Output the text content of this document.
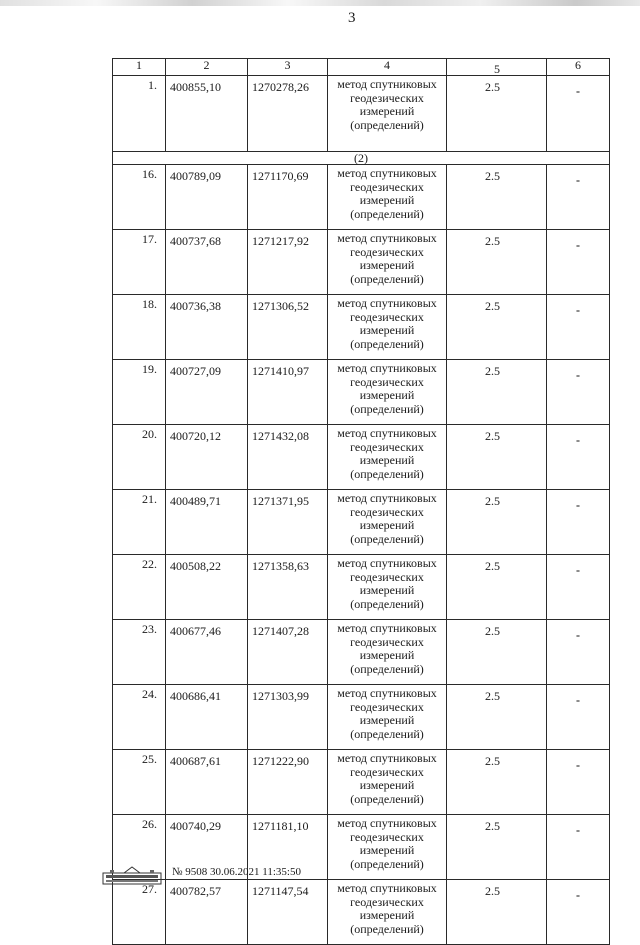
3
1	2	3	4	5	6
1.	400855,10	1270278,26	метод спутниковых геодезических измерений (определений)	2.5	-
(2)					
16.	400789,09	1271170,69	метод спутниковых геодезических измерений (определений)	2.5	-
17.	400737,68	1271217,92	метод спутниковых геодезических измерений (определений)	2.5	-
18.	400736,38	1271306,52	метод спутниковых геодезических измерений (определений)	2.5	-
19.	400727,09	1271410,97	метод спутниковых геодезических измерений (определений)	2.5	-
20.	400720,12	1271432,08	метод спутниковых геодезических измерений (определений)	2.5	-
21.	400489,71	1271371,95	метод спутниковых геодезических измерений (определений)	2.5	-
22.	400508,22	1271358,63	метод спутниковых геодезических измерений (определений)	2.5	-
23.	400677,46	1271407,28	метод спутниковых геодезических измерений (определений)	2.5	-
24.	400686,41	1271303,99	метод спутниковых геодезических измерений (определений)	2.5	-
25.	400687,61	1271222,90	метод спутниковых геодезических измерений (определений)	2.5	-
26.	400740,29	1271181,10	метод спутниковых геодезических измерений (определений)	2.5	-
27.	400782,57	1271147,54	метод спутниковых геодезических измерений (определений)	2.5	-
№ 9508 30.06.2021 11:35:50
